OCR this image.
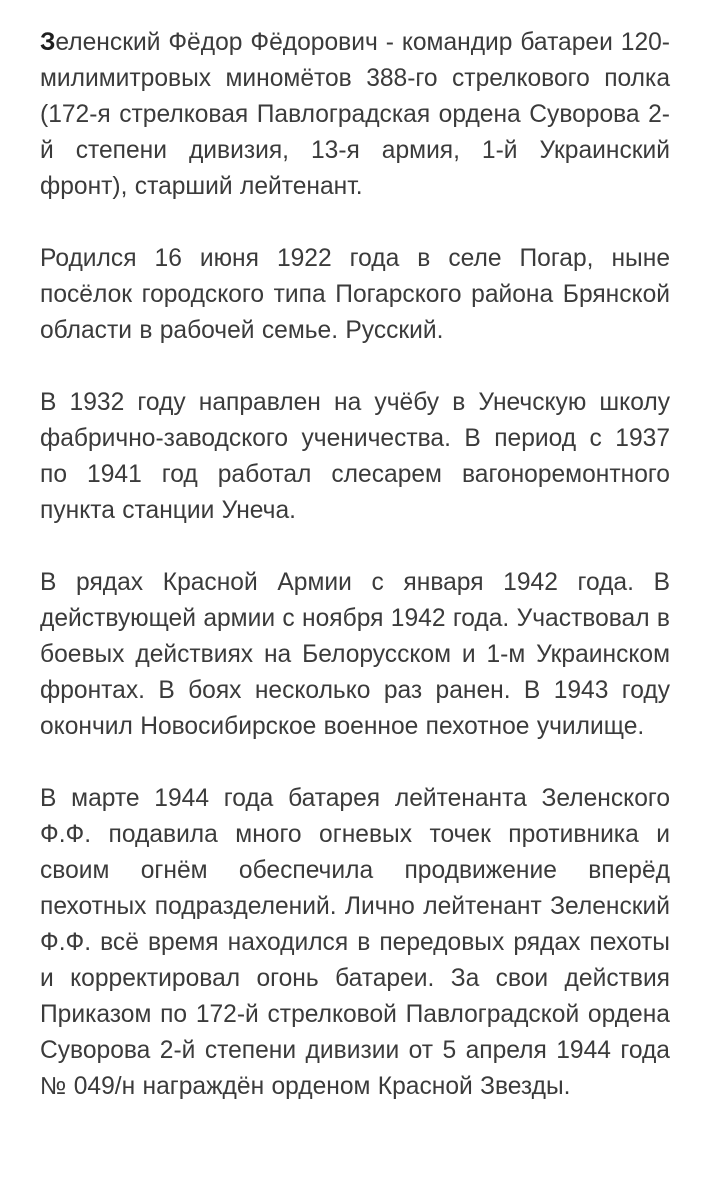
Зеленский Фёдор Фёдорович - командир батареи 120-милимитровых миномётов 388-го стрелкового полка (172-я стрелковая Павлоградская ордена Суворова 2-й степени дивизия, 13-я армия, 1-й Украинский фронт), старший лейтенант.

Родился 16 июня 1922 года в селе Погар, ныне посёлок городского типа Погарского района Брянской области в рабочей семье. Русский.

В 1932 году направлен на учёбу в Унечскую школу фабрично-заводского ученичества. В период с 1937 по 1941 год работал слесарем вагоноремонтного пункта станции Унеча.

В рядах Красной Армии с января 1942 года. В действующей армии с ноября 1942 года. Участвовал в боевых действиях на Белорусском и 1-м Украинском фронтах. В боях несколько раз ранен. В 1943 году окончил Новосибирское военное пехотное училище.

В марте 1944 года батарея лейтенанта Зеленского Ф.Ф. подавила много огневых точек противника и своим огнём обеспечила продвижение вперёд пехотных подразделений. Лично лейтенант Зеленский Ф.Ф. всё время находился в передовых рядах пехоты и корректировал огонь батареи. За свои действия Приказом по 172-й стрелковой Павлоградской ордена Суворова 2-й степени дивизии от 5 апреля 1944 года № 049/н награждён орденом Красной Звезды.
